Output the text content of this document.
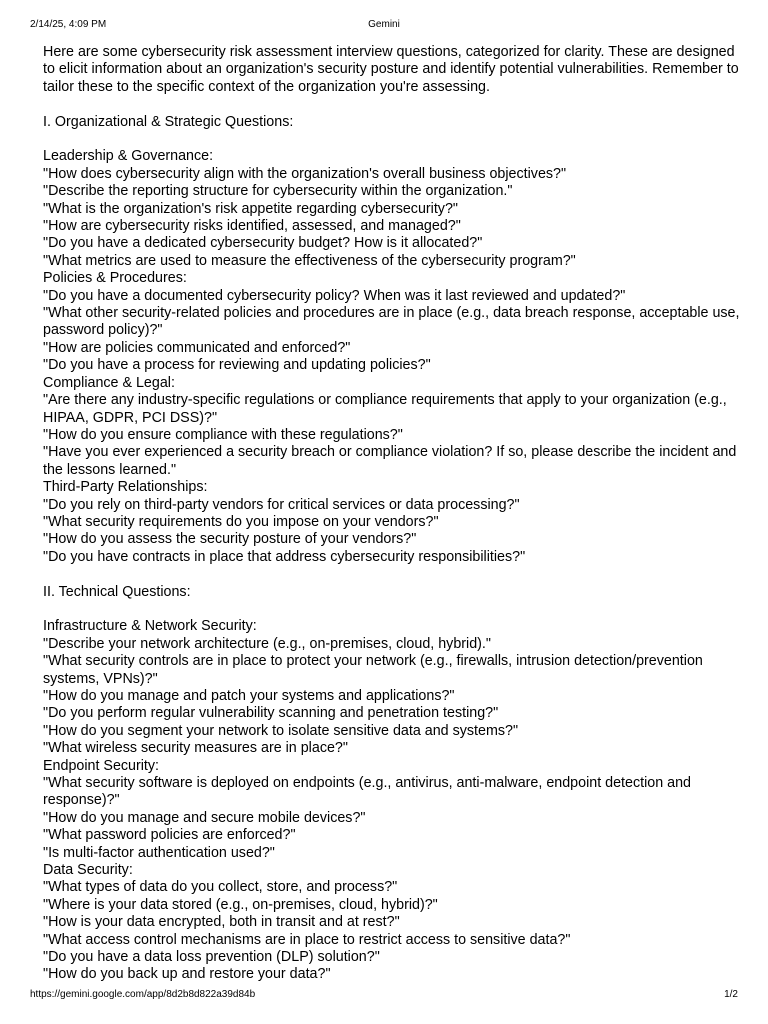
2/14/25, 4:09 PM	Gemini

Here are some cybersecurity risk assessment interview questions, categorized for clarity. These are designed to elicit information about an organization's security posture and identify potential vulnerabilities. Remember to tailor these to the specific context of the organization you're assessing.

I. Organizational & Strategic Questions:

Leadership & Governance:

"How does cybersecurity align with the organization's overall business objectives?"

"Describe the reporting structure for cybersecurity within the organization."

"What is the organization's risk appetite regarding cybersecurity?"

"How are cybersecurity risks identified, assessed, and managed?"

"Do you have a dedicated cybersecurity budget? How is it allocated?"

"What metrics are used to measure the effectiveness of the cybersecurity program?"

Policies & Procedures:

"Do you have a documented cybersecurity policy? When was it last reviewed and updated?"

"What other security-related policies and procedures are in place (e.g., data breach response, acceptable use, password policy)?"

"How are policies communicated and enforced?"

"Do you have a process for reviewing and updating policies?"

Compliance & Legal:

"Are there any industry-specific regulations or compliance requirements that apply to your organization (e.g., HIPAA, GDPR, PCI DSS)?"

"How do you ensure compliance with these regulations?"

"Have you ever experienced a security breach or compliance violation? If so, please describe the incident and the lessons learned."

Third-Party Relationships:

"Do you rely on third-party vendors for critical services or data processing?"

"What security requirements do you impose on your vendors?"

"How do you assess the security posture of your vendors?"

"Do you have contracts in place that address cybersecurity responsibilities?"

II. Technical Questions:

Infrastructure & Network Security:

"Describe your network architecture (e.g., on-premises, cloud, hybrid)."

"What security controls are in place to protect your network (e.g., firewalls, intrusion detection/prevention systems, VPNs)?"

"How do you manage and patch your systems and applications?"

"Do you perform regular vulnerability scanning and penetration testing?"

"How do you segment your network to isolate sensitive data and systems?"

"What wireless security measures are in place?"

Endpoint Security:

"What security software is deployed on endpoints (e.g., antivirus, anti-malware, endpoint detection and response)?"

"How do you manage and secure mobile devices?"

"What password policies are enforced?"

"Is multi-factor authentication used?"

Data Security:

"What types of data do you collect, store, and process?"

"Where is your data stored (e.g., on-premises, cloud, hybrid)?"

"How is your data encrypted, both in transit and at rest?"

"What access control mechanisms are in place to restrict access to sensitive data?"

"Do you have a data loss prevention (DLP) solution?"

"How do you back up and restore your data?"

https://gemini.google.com/app/8d2b8d822a39d84b	1/2
